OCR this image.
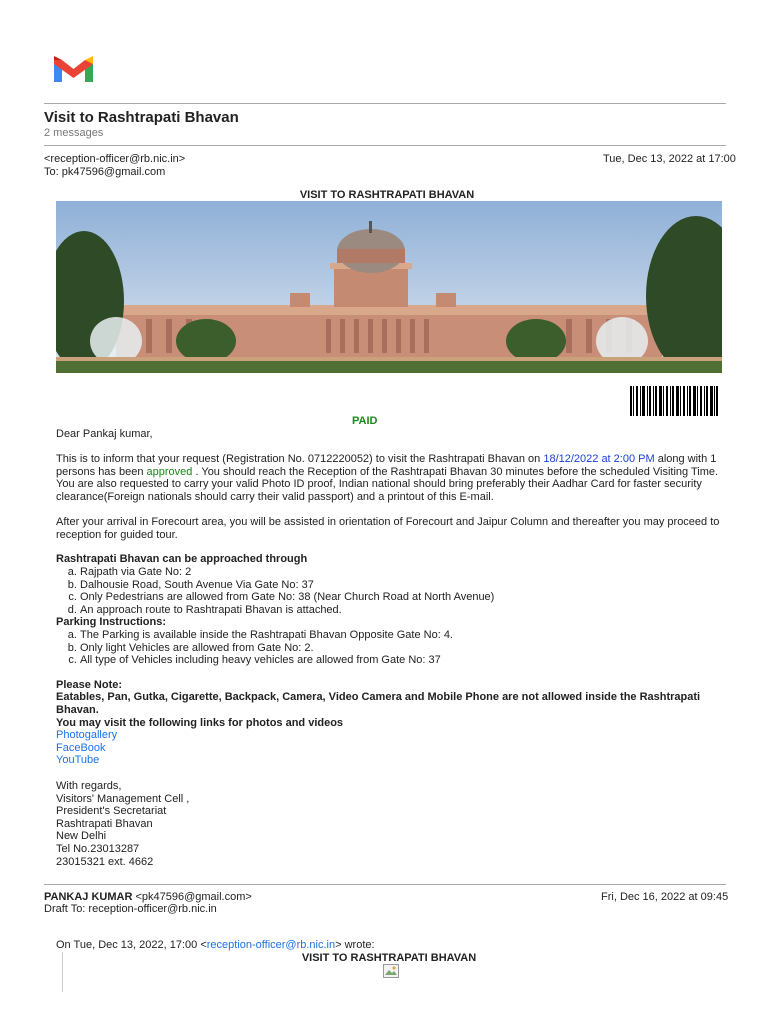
Visit to Rashtrapati Bhavan
2 messages
<reception-officer@rb.nic.in>	Tue, Dec 13, 2022 at 17:00
To: pk47596@gmail.com
VISIT TO RASHTRAPATI BHAVAN
PAID
Dear Pankaj kumar,
This is to inform that your request (Registration No. 0712220052) to visit the Rashtrapati Bhavan on 18/12/2022 at 2:00 PM along with 1 persons has been approved . You should reach the Reception of the Rashtrapati Bhavan 30 minutes before the scheduled Visiting Time. You are also requested to carry your valid Photo ID proof, Indian national should bring preferably their Aadhar Card for faster security clearance(Foreign nationals should carry their valid passport) and a printout of this E-mail.
After your arrival in Forecourt area, you will be assisted in orientation of Forecourt and Jaipur Column and thereafter you may proceed to reception for guided tour.
Rashtrapati Bhavan can be approached through
a. Rajpath via Gate No: 2
b. Dalhousie Road, South Avenue Via Gate No: 37
c. Only Pedestrians are allowed from Gate No: 38 (Near Church Road at North Avenue)
d. An approach route to Rashtrapati Bhavan is attached.
Parking Instructions:
a. The Parking is available inside the Rashtrapati Bhavan Opposite Gate No: 4.
b. Only light Vehicles are allowed from Gate No: 2.
c. All type of Vehicles including heavy vehicles are allowed from Gate No: 37
Please Note:
Eatables, Pan, Gutka, Cigarette, Backpack, Camera, Video Camera and Mobile Phone are not allowed inside the Rashtrapati Bhavan.
You may visit the following links for photos and videos
Photogallery
FaceBook
YouTube
With regards,
Visitors' Management Cell ,
President's Secretariat
Rashtrapati Bhavan
New Delhi
Tel No.23013287
23015321 ext. 4662
PANKAJ KUMAR <pk47596@gmail.com>	Fri, Dec 16, 2022 at 09:45
Draft To: reception-officer@rb.nic.in
On Tue, Dec 13, 2022, 17:00 <reception-officer@rb.nic.in> wrote:
VISIT TO RASHTRAPATI BHAVAN
